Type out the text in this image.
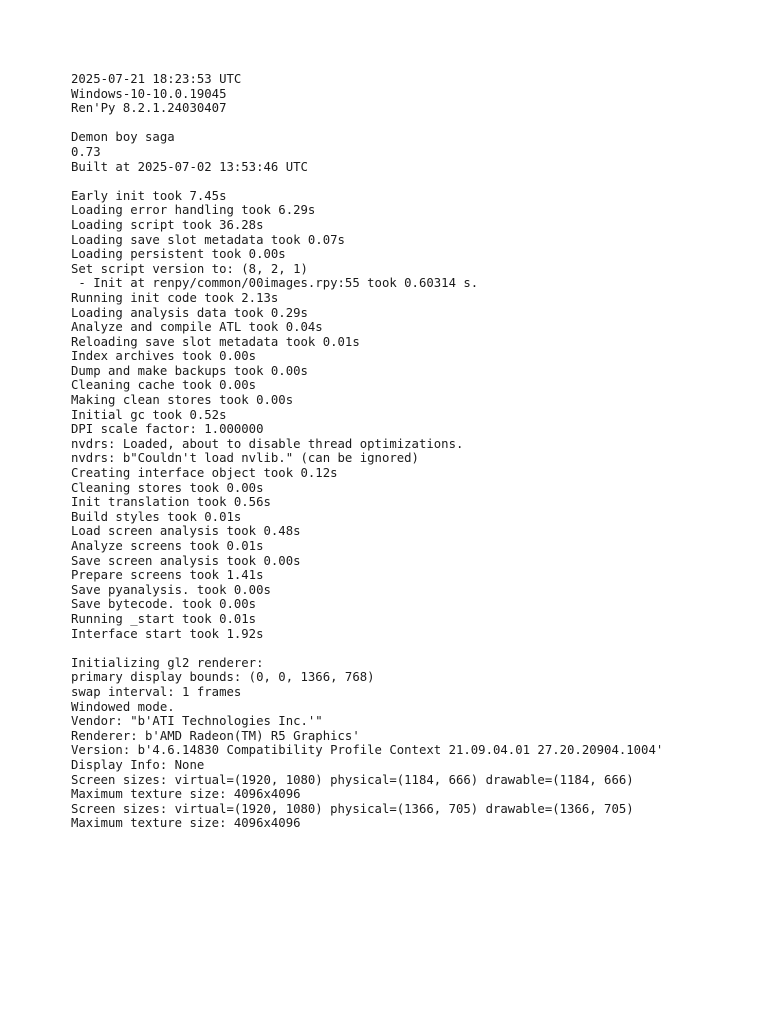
2025-07-21 18:23:53 UTC
Windows-10-10.0.19045
Ren'Py 8.2.1.24030407
Demon boy saga
0.73
Built at 2025-07-02 13:53:46 UTC
Early init took 7.45s
Loading error handling took 6.29s
Loading script took 36.28s
Loading save slot metadata took 0.07s
Loading persistent took 0.00s
Set script version to: (8, 2, 1)
- Init at renpy/common/00images.rpy:55 took 0.60314 s.
Running init code took 2.13s
Loading analysis data took 0.29s
Analyze and compile ATL took 0.04s
Reloading save slot metadata took 0.01s
Index archives took 0.00s
Dump and make backups took 0.00s
Cleaning cache took 0.00s
Making clean stores took 0.00s
Initial gc took 0.52s
DPI scale factor: 1.000000
nvdrs: Loaded, about to disable thread optimizations.
nvdrs: b"Couldn't load nvlib." (can be ignored)
Creating interface object took 0.12s
Cleaning stores took 0.00s
Init translation took 0.56s
Build styles took 0.01s
Load screen analysis took 0.48s
Analyze screens took 0.01s
Save screen analysis took 0.00s
Prepare screens took 1.41s
Save pyanalysis. took 0.00s
Save bytecode. took 0.00s
Running _start took 0.01s
Interface start took 1.92s
Initializing gl2 renderer:
primary display bounds: (0, 0, 1366, 768)
swap interval: 1 frames
Windowed mode.
Vendor: "b'ATI Technologies Inc.'"
Renderer: b'AMD Radeon(TM) R5 Graphics'
Version: b'4.6.14830 Compatibility Profile Context 21.09.04.01 27.20.20904.1004'
Display Info: None
Screen sizes: virtual=(1920, 1080) physical=(1184, 666) drawable=(1184, 666)
Maximum texture size: 4096x4096
Screen sizes: virtual=(1920, 1080) physical=(1366, 705) drawable=(1366, 705)
Maximum texture size: 4096x4096
